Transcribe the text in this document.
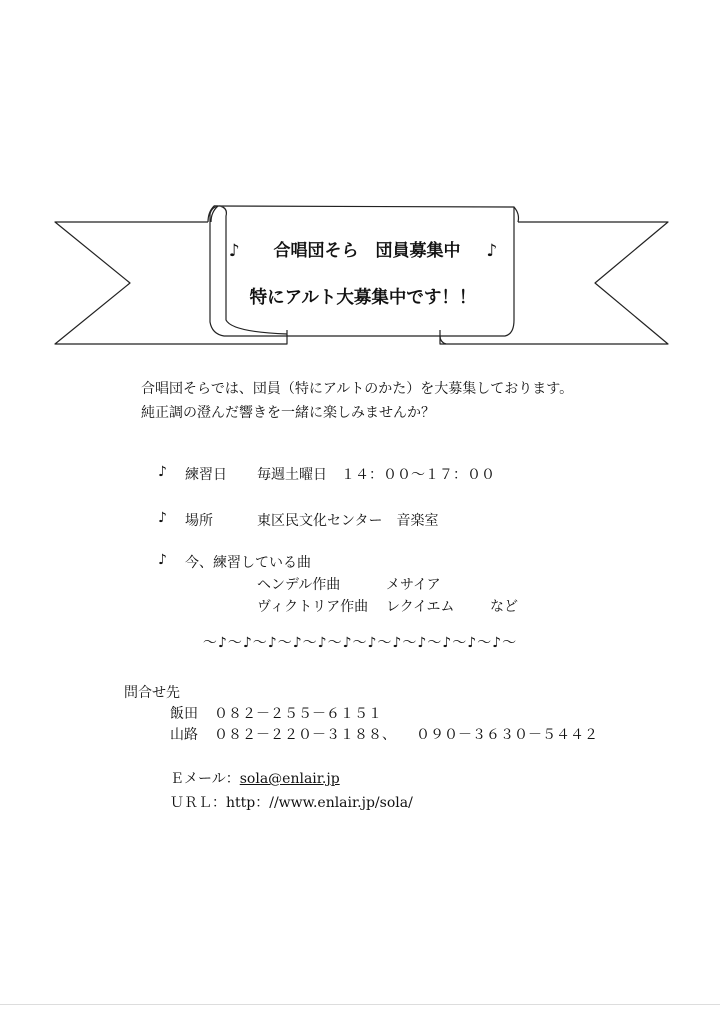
♪ 合唱団そら　団員募集中 ♪
特にアルト大募集中です！！
合唱団そらでは、団員（特にアルトのかた）を大募集しております。
純正調の澄んだ響きを一緒に楽しみませんか？
♪ 練習日 毎週土曜日　１４：００～１７：００
♪ 場所	東区民文化センター　音楽室
♪ 今、練習している曲
ヘンデル作曲	メサイア
ヴィクトリア作曲 レクイエム	など
～♪～♪～♪～♪～♪～♪～♪～♪～♪～♪～♪～♪～
問合せ先
飯田 ０８２－２５５－６１５１
山路 ０８２－２２０－３１８８、 ０９０－３６３０－５４４２
Ｅメール：sola@enlair.jp
ＵＲＬ：http：//www.enlair.jp/sola/
